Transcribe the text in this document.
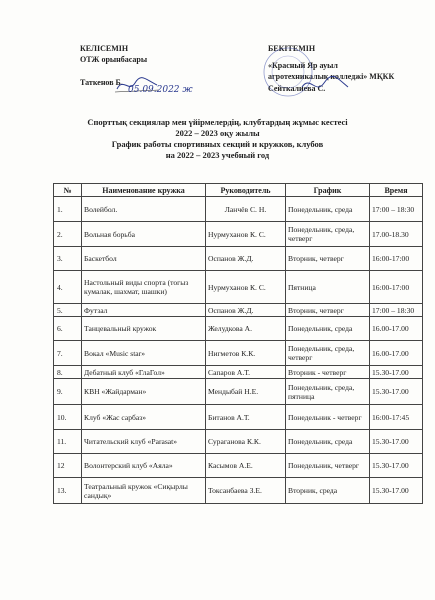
КЕЛІСЕМІН
ОТЖ орынбасары
Таткенов Б.
05.09.2022 ж
БЕКІТЕМІН
«Красный Яр ауыл
агротехникалық колледжі» МҚКК
Сейткалиева С.
Спорттық секциялар мен үйірмелердің, клубтардың жұмыс кестесі
2022 – 2023 оқу жылы
График работы спортивных секций и кружков, клубов
на 2022 – 2023 учебный год
№	Наименование кружка	Руководитель	График	Время
1.	Волейбол.	Ланчёв С. Н.	Понедельник, среда	17:00 – 18:30
2.	Вольная борьба	Нурмуханов К. С.	Понедельник, среда, четверг	17.00-18.30
3.	Баскетбол	Оспанов Ж.Д.	Вторник, четверг	16:00-17:00
4.	Настольный виды спорта (тогыз кумалак, шахмат, шашки)	Нурмуханов К. С.	Пятница	16:00-17:00
5.	Футзал	Оспанов Ж.Д.	Вторник, четверг	17:00 – 18:30
6.	Танцевальный кружок	Желудкова А.	Понедельник, среда	16.00-17.00
7.	Вокал «Music star»	Нигметов К.К.	Понедельник, среда, четверг	16.00-17.00
8.	Дебатный клуб «ГлаГол»	Сапаров А.Т.	Вторник - четверг	15.30-17.00
9.	КВН «Жайдарман»	Мендыбай Н.Е.	Понедельник, среда, пятница	15.30-17.00
10.	Клуб «Жас сарбаз»	Битанов А.Т.	Понедельник - четверг	16:00-17:45
11.	Читательский клуб «Parasat»	Сураганова К.К.	Понедельник, среда	15.30-17.00
12	Волонтерский клуб «Аяла»	Касымов А.Е.	Понедельник, четверг	15.30-17.00
13.	Театральный кружок «Сиқырлы сандық»	Токсанбаева З.Е.	Вторник, среда	15.30-17.00
